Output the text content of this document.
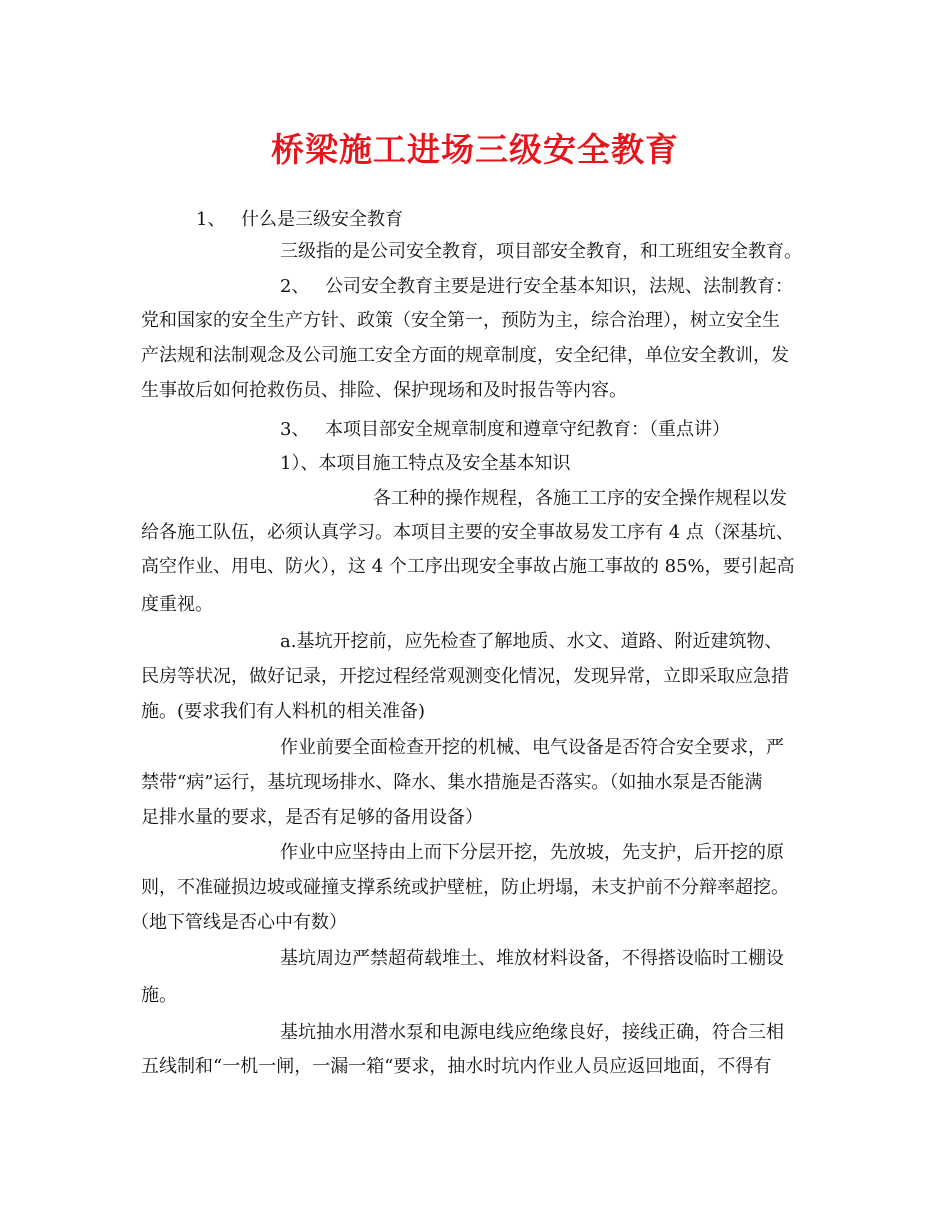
桥梁施工进场三级安全教育
1、 什么是三级安全教育
三级指的是公司安全教育，项目部安全教育，和工班组安全教育。
2、 公司安全教育主要是进行安全基本知识，法规、法制教育：
党和国家的安全生产方针、政策（安全第一，预防为主，综合治理），树立安全生
产法规和法制观念及公司施工安全方面的规章制度，安全纪律，单位安全教训，发
生事故后如何抢救伤员、排险、保护现场和及时报告等内容。
3、 本项目部安全规章制度和遵章守纪教育：（重点讲）
1）、本项目施工特点及安全基本知识
各工种的操作规程，各施工工序的安全操作规程以发
给各施工队伍，必须认真学习。本项目主要的安全事故易发工序有 4 点（深基坑、
高空作业、用电、防火），这 4 个工序出现安全事故占施工事故的 85%，要引起高
度重视。
a.基坑开挖前，应先检查了解地质、水文、道路、附近建筑物、
民房等状况，做好记录，开挖过程经常观测变化情况，发现异常，立即采取应急措
施。(要求我们有人料机的相关准备)
作业前要全面检查开挖的机械、电气设备是否符合安全要求，严
禁带“病”运行，基坑现场排水、降水、集水措施是否落实。（如抽水泵是否能满
足排水量的要求，是否有足够的备用设备）
作业中应坚持由上而下分层开挖，先放坡，先支护，后开挖的原
则，不准碰损边坡或碰撞支撑系统或护壁桩，防止坍塌，未支护前不分辩率超挖。
（地下管线是否心中有数）
基坑周边严禁超荷载堆土、堆放材料设备，不得搭设临时工棚设
施。
基坑抽水用潜水泵和电源电线应绝缘良好，接线正确，符合三相
五线制和“一机一闸，一漏一箱“要求，抽水时坑内作业人员应返回地面，不得有
